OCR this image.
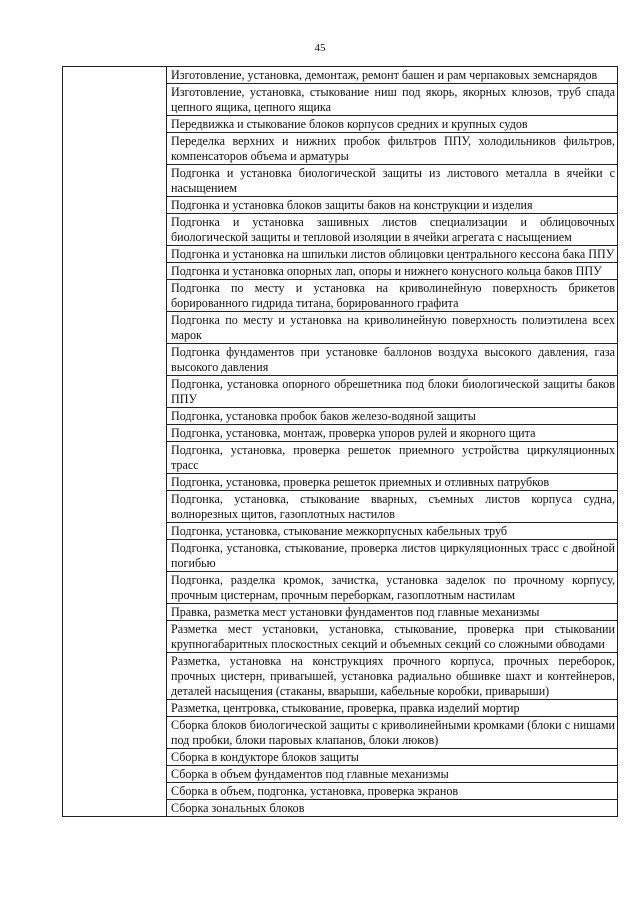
45

Изготовление, установка, демонтаж, ремонт башен и рам черпаковых земснарядов

Изготовление, установка, стыкование ниш под якорь, якорных клюзов, труб спада цепного ящика, цепного ящика

Передвижка и стыкование блоков корпусов средних и крупных судов

Переделка верхних и нижних пробок фильтров ППУ, холодильников фильтров, компенсаторов объема и арматуры

Подгонка и установка биологической защиты из листового металла в ячейки с насыщением

Подгонка и установка блоков защиты баков на конструкции и изделия

Подгонка и установка зашивных листов специализации и облицовочных биологической защиты и тепловой изоляции в ячейки агрегата с насыщением

Подгонка и установка на шпильки листов облицовки центрального кессона бака ППУ

Подгонка и установка опорных лап, опоры и нижнего конусного кольца баков ППУ

Подгонка по месту и установка на криволинейную поверхность брикетов борированного гидрида титана, борированного графита

Подгонка по месту и установка на криволинейную поверхность полиэтилена всех марок

Подгонка фундаментов при установке баллонов воздуха высокого давления, газа высокого давления

Подгонка, установка опорного обрешетника под блоки биологической защиты баков ППУ

Подгонка, установка пробок баков железо-водяной защиты

Подгонка, установка, монтаж, проверка упоров рулей и якорного щита

Подгонка, установка, проверка решеток приемного устройства циркуляционных трасс

Подгонка, установка, проверка решеток приемных и отливных патрубков

Подгонка, установка, стыкование вварных, съемных листов корпуса судна, волнорезных щитов, газоплотных настилов

Подгонка, установка, стыкование межкорпусных кабельных труб

Подгонка, установка, стыкование, проверка листов циркуляционных трасс с двойной погибью

Подгонка, разделка кромок, зачистка, установка заделок по прочному корпусу, прочным цистернам, прочным переборкам, газоплотным настилам

Правка, разметка мест установки фундаментов под главные механизмы

Разметка мест установки, установка, стыкование, проверка при стыковании крупногабаритных плоскостных секций и объемных секций со сложными обводами

Разметка, установка на конструкциях прочного корпуса, прочных переборок, прочных цистерн, привarышей, установка радиально обшивке шахт и контейнеров, деталей насыщения (стаканы, вварыши, кабельные коробки, приварыши)

Разметка, центровка, стыкование, проверка, правка изделий мортир

Сборка блоков биологической защиты с криволинейными кромками (блоки с нишами под пробки, блоки паровых клапанов, блоки люков)

Сборка в кондукторе блоков защиты

Сборка в объем фундаментов под главные механизмы

Сборка в объем, подгонка, установка, проверка экранов

Сборка зональных блоков
